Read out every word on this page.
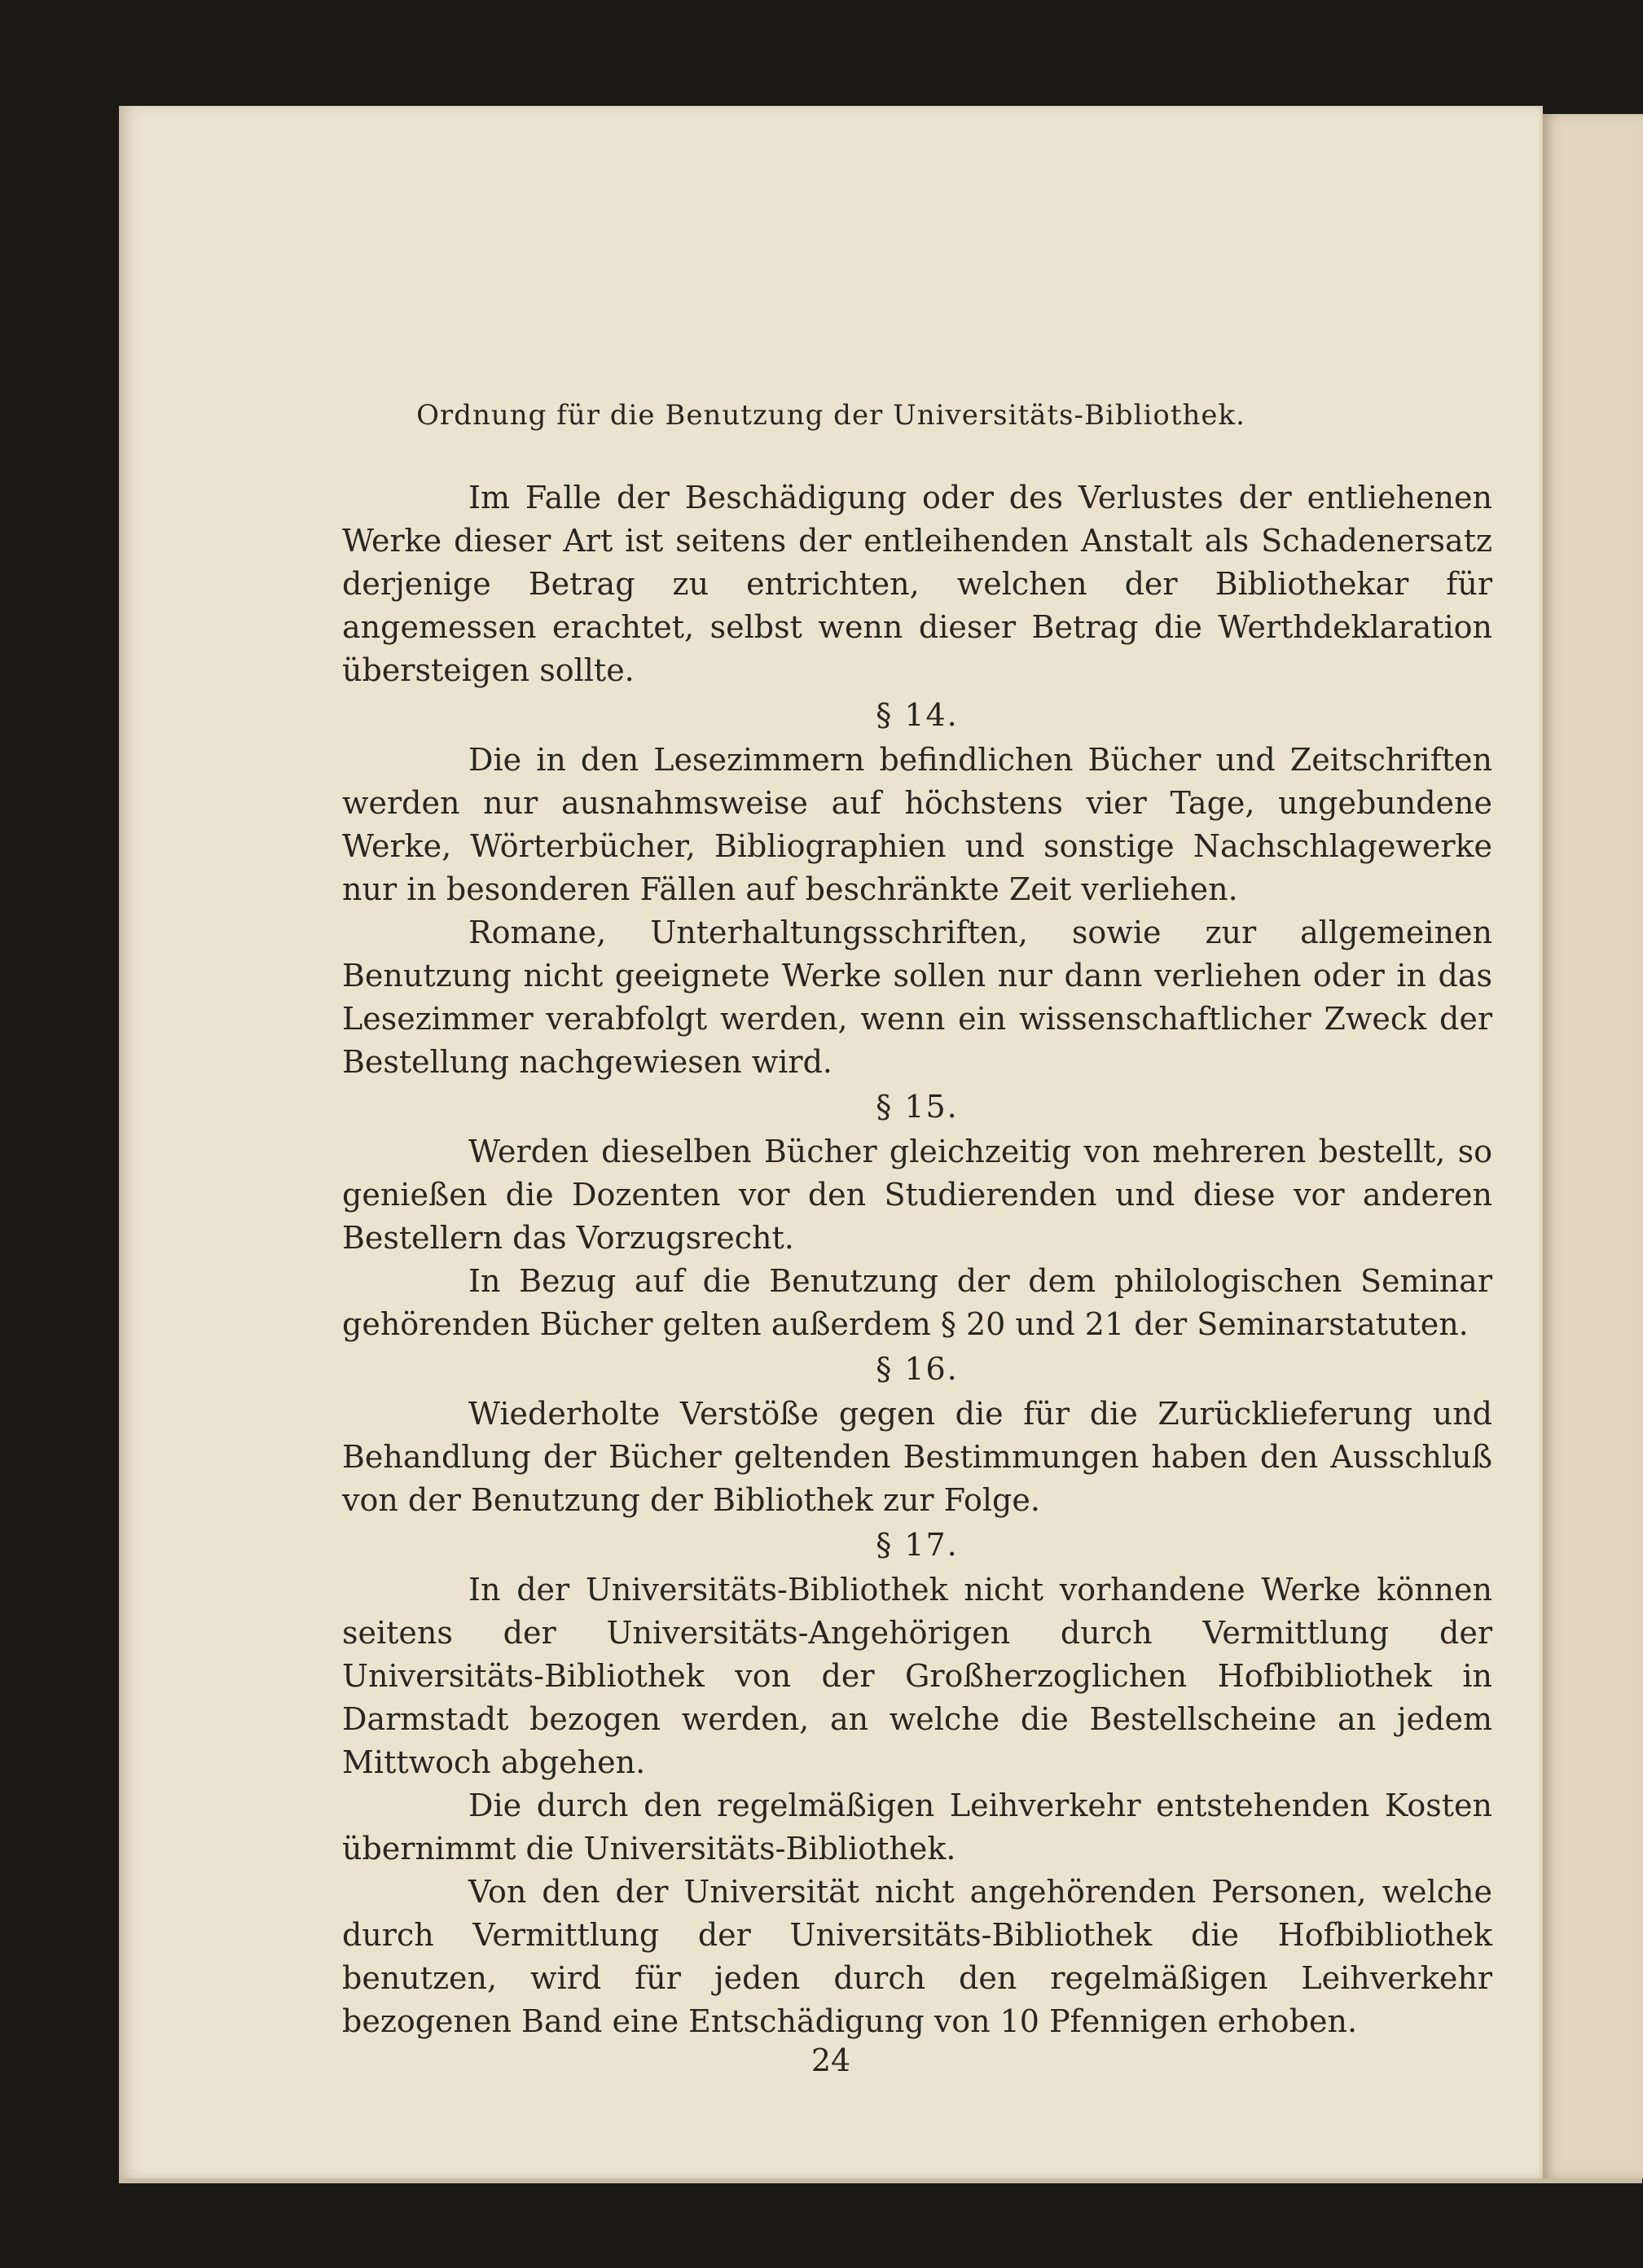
Ordnung für die Benutzung der Universitäts-Bibliothek.

Im Falle der Beschädigung oder des Verlustes der entliehenen Werke dieser Art ist seitens der entleihenden Anstalt als Schadenersatz derjenige Betrag zu entrichten, welchen der Bibliothekar für angemessen erachtet, selbst wenn dieser Betrag die Werthdeklaration übersteigen sollte.

§ 14.

Die in den Lesezimmern befindlichen Bücher und Zeitschriften werden nur ausnahmsweise auf höchstens vier Tage, ungebundene Werke, Wörterbücher, Bibliographien und sonstige Nachschlagewerke nur in besonderen Fällen auf beschränkte Zeit verliehen.

Romane, Unterhaltungsschriften, sowie zur allgemeinen Benutzung nicht geeignete Werke sollen nur dann verliehen oder in das Lesezimmer verabfolgt werden, wenn ein wissenschaftlicher Zweck der Bestellung nachgewiesen wird.

§ 15.

Werden dieselben Bücher gleichzeitig von mehreren bestellt, so genießen die Dozenten vor den Studierenden und diese vor anderen Bestellern das Vorzugsrecht.

In Bezug auf die Benutzung der dem philologischen Seminar gehörenden Bücher gelten außerdem § 20 und 21 der Seminarstatuten.

§ 16.

Wiederholte Verstöße gegen die für die Zurücklieferung und Behandlung der Bücher geltenden Bestimmungen haben den Ausschluß von der Benutzung der Bibliothek zur Folge.

§ 17.

In der Universitäts-Bibliothek nicht vorhandene Werke können seitens der Universitäts-Angehörigen durch Vermittlung der Universitäts-Bibliothek von der Großherzoglichen Hofbibliothek in Darmstadt bezogen werden, an welche die Bestellscheine an jedem Mittwoch abgehen.

Die durch den regelmäßigen Leihverkehr entstehenden Kosten übernimmt die Universitäts-Bibliothek.

Von den der Universität nicht angehörenden Personen, welche durch Vermittlung der Universitäts-Bibliothek die Hofbibliothek benutzen, wird für jeden durch den regelmäßigen Leihverkehr bezogenen Band eine Entschädigung von 10 Pfennigen erhoben.

24
